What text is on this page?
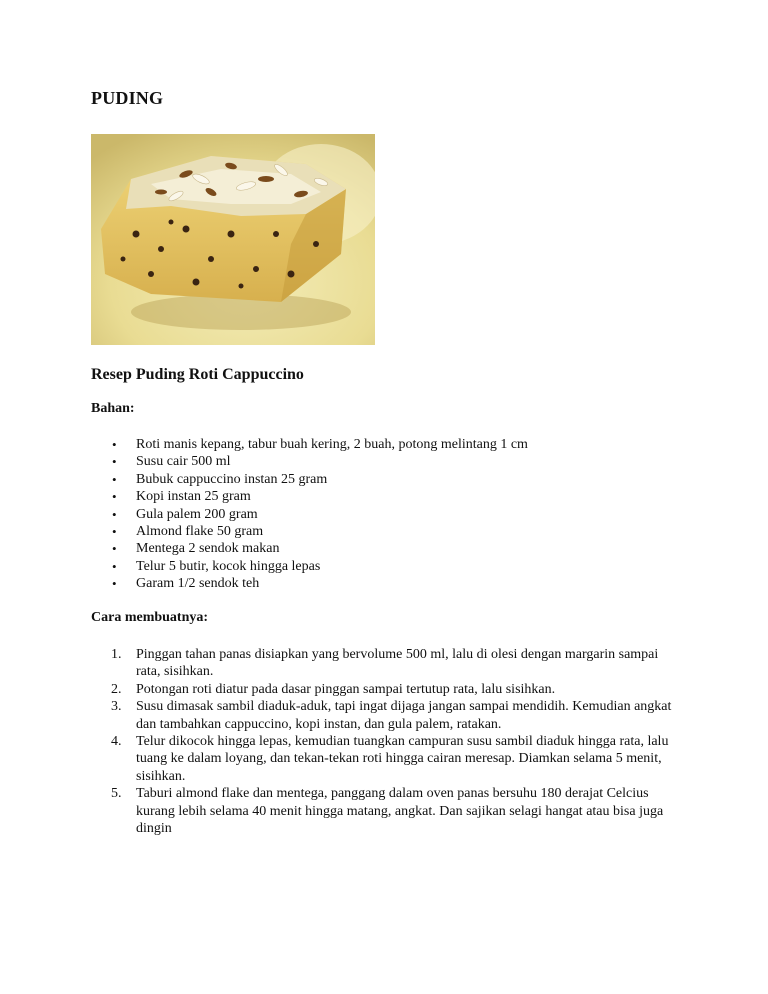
PUDING
Resep Puding Roti Cappuccino
Bahan:
• Roti manis kepang, tabur buah kering, 2 buah, potong melintang 1 cm
• Susu cair 500 ml
• Bubuk cappuccino instan 25 gram
• Kopi instan 25 gram
• Gula palem 200 gram
• Almond flake 50 gram
• Mentega 2 sendok makan
• Telur 5 butir, kocok hingga lepas
• Garam 1/2 sendok teh
Cara membuatnya:
1. Pinggan tahan panas disiapkan yang bervolume 500 ml, lalu di olesi dengan margarin sampai rata, sisihkan.
2. Potongan roti diatur pada dasar pinggan sampai tertutup rata, lalu sisihkan.
3. Susu dimasak sambil diaduk-aduk, tapi ingat dijaga jangan sampai mendidih. Kemudian angkat dan tambahkan cappuccino, kopi instan, dan gula palem, ratakan.
4. Telur dikocok hingga lepas, kemudian tuangkan campuran susu sambil diaduk hingga rata, lalu tuang ke dalam loyang, dan tekan-tekan roti hingga cairan meresap. Diamkan selama 5 menit, sisihkan.
5. Taburi almond flake dan mentega, panggang dalam oven panas bersuhu 180 derajat Celcius kurang lebih selama 40 menit hingga matang, angkat. Dan sajikan selagi hangat atau bisa juga dingin
